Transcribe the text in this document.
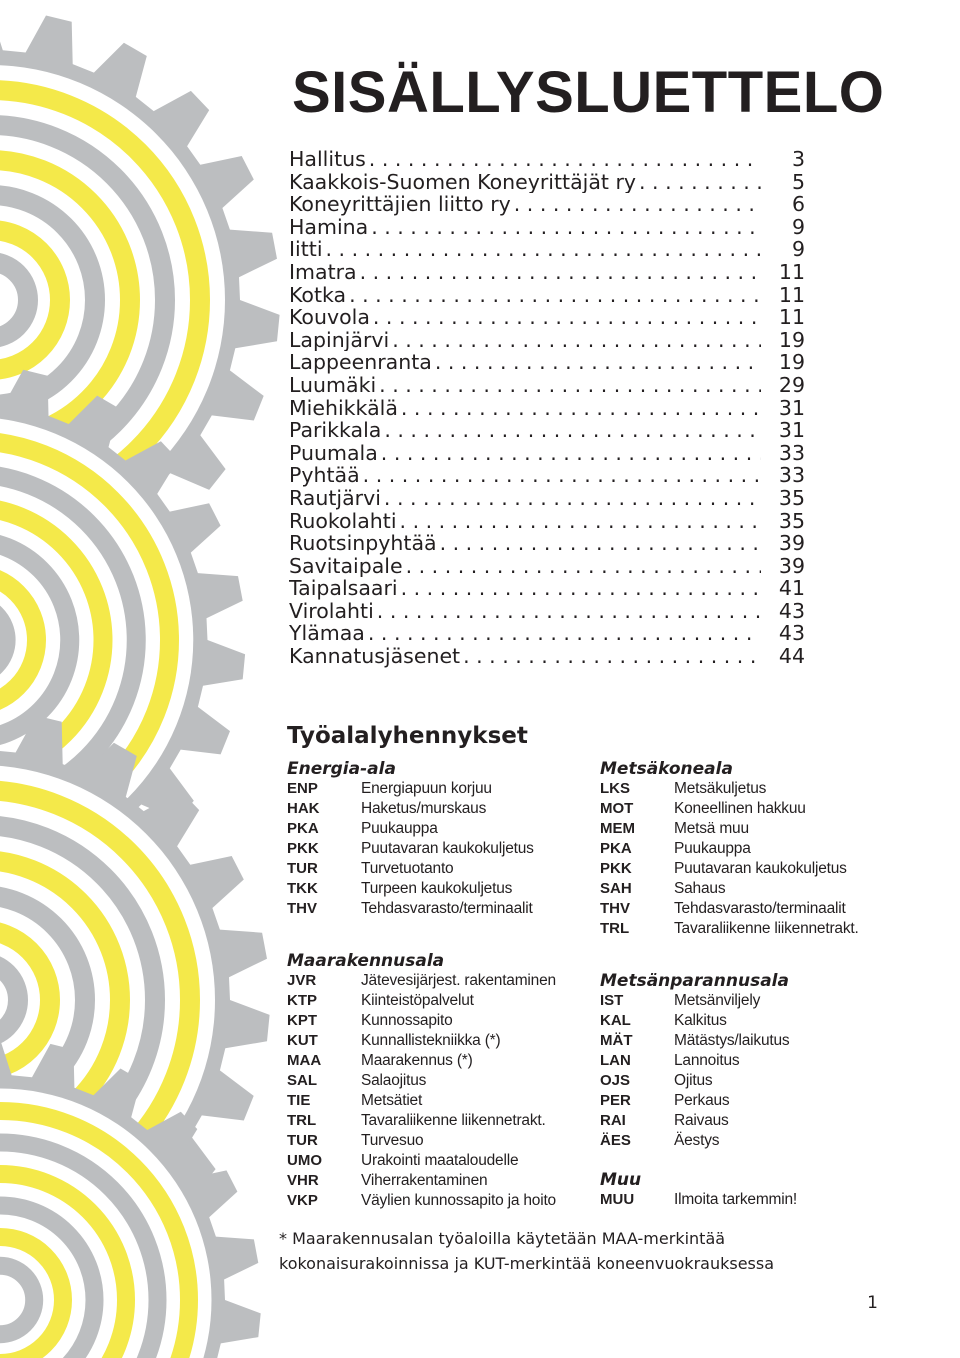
SISÄLLYSLUETTELO
Hallitus . . .	3
Kaakkois-Suomen Koneyrittäjät ry . . .	5
Koneyrittäjien liitto ry . . .	6
Hamina . . .	9
Iitti . . .	9
Imatra . . .	11
Kotka . . .	11
Kouvola . . .	11
Lapinjärvi . . .	19
Lappeenranta . . .	19
Luumäki . . .	29
Miehikkälä . . .	31
Parikkala . . .	31
Puumala . . .	33
Pyhtää . . .	33
Rautjärvi . . .	35
Ruokolahti . . .	35
Ruotsinpyhtää . . .	39
Savitaipale . . .	39
Taipalsaari . . .	41
Virolahti . . .	43
Ylämaa . . .	43
Kannatusjäsenet . . .	44
Työalalyhennykset
Energia-ala
ENP	Energiapuun korjuu
HAK	Haketus/murskaus
PKA	Puukauppa
PKK	Puutavaran kaukokuljetus
TUR	Turvetuotanto
TKK	Turpeen kaukokuljetus
THV	Tehdasvarasto/terminaalit
Metsäkoneala
LKS	Metsäkuljetus
MOT	Koneellinen hakkuu
MEM	Metsä muu
PKA	Puukauppa
PKK	Puutavaran kaukokuljetus
SAH	Sahaus
THV	Tehdasvarasto/terminaalit
TRL	Tavaraliikenne liikennetrakt.
Maarakennusala
JVR	Jätevesijärjest. rakentaminen
KTP	Kiinteistöpalvelut
KPT	Kunnossapito
KUT	Kunnallistekniikka (*)
MAA	Maarakennus (*)
SAL	Salaojitus
TIE	Metsätiet
TRL	Tavaraliikenne liikennetrakt.
TUR	Turvesuo
UMO	Urakointi maataloudelle
VHR	Viherrakentaminen
VKP	Väylien kunnossapito ja hoito
Metsänparannusala
IST	Metsänviljely
KAL	Kalkitus
MÄT	Mätästys/laikutus
LAN	Lannoitus
OJS	Ojitus
PER	Perkaus
RAI	Raivaus
ÄES	Äestys
Muu
MUU	Ilmoita tarkemmin!
* Maarakennusalan työaloilla käytetään MAA-merkintää
kokonaisurakoinnissa ja KUT-merkintää koneenvuokrauksessa
1
